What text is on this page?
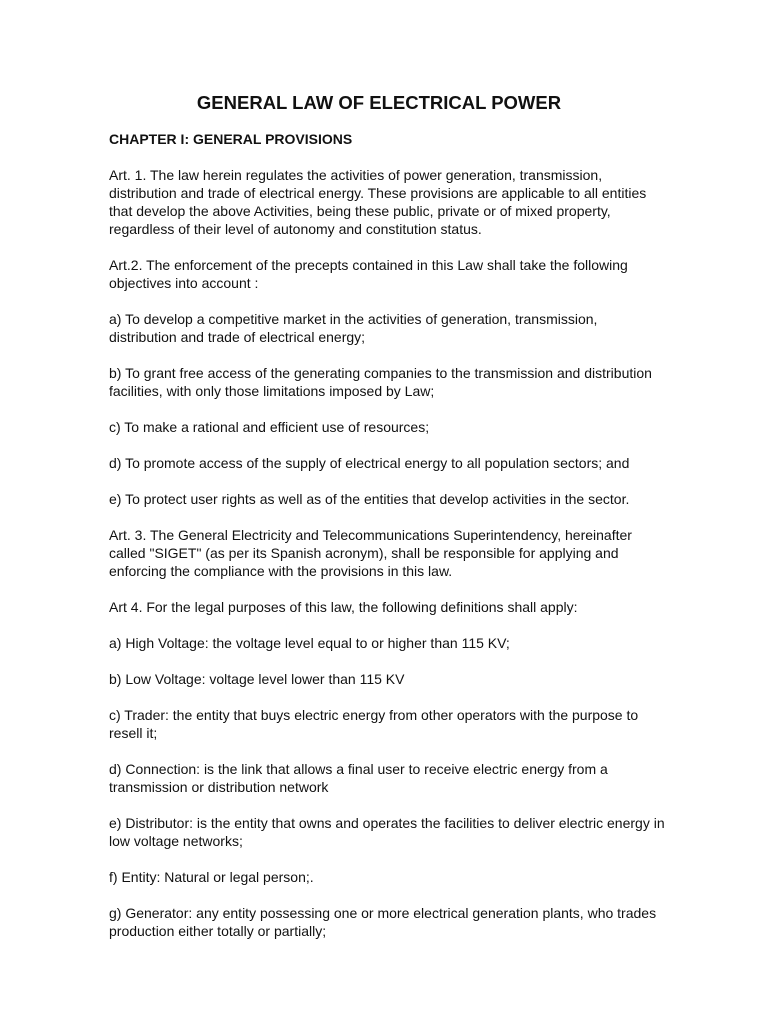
GENERAL LAW OF ELECTRICAL POWER
CHAPTER I: GENERAL PROVISIONS

Art. 1. The law herein regulates the activities of power generation, transmission, distribution and trade of electrical energy. These provisions are applicable to all entities that develop the above Activities, being these public, private or of mixed property, regardless of their level of autonomy and constitution status.

Art.2. The enforcement of the precepts contained in this Law shall take the following objectives into account :

a) To develop a competitive market in the activities of generation, transmission, distribution and trade of electrical energy;

b) To grant free access of the generating companies to the transmission and distribution facilities, with only those limitations imposed by Law;

c) To make a rational and efficient use of resources;

d) To promote access of the supply of electrical energy to all population sectors; and

e) To protect user rights as well as of the entities that develop activities in the sector.

Art. 3. The General Electricity and Telecommunications Superintendency, hereinafter called "SIGET" (as per its Spanish acronym), shall be responsible for applying and enforcing the compliance with the provisions in this law.

Art 4. For the legal purposes of this law, the following definitions shall apply:

a) High Voltage: the voltage level equal to or higher than 115 KV;

b) Low Voltage: voltage level lower than 115 KV

c) Trader: the entity that buys electric energy from other operators with the purpose to resell it;

d) Connection: is the link that allows a final user to receive electric energy from a transmission or distribution network

e) Distributor: is the entity that owns and operates the facilities to deliver electric energy in low voltage networks;

f) Entity: Natural or legal person;.

g) Generator: any entity possessing one or more electrical generation plants, who trades production either totally or partially;
